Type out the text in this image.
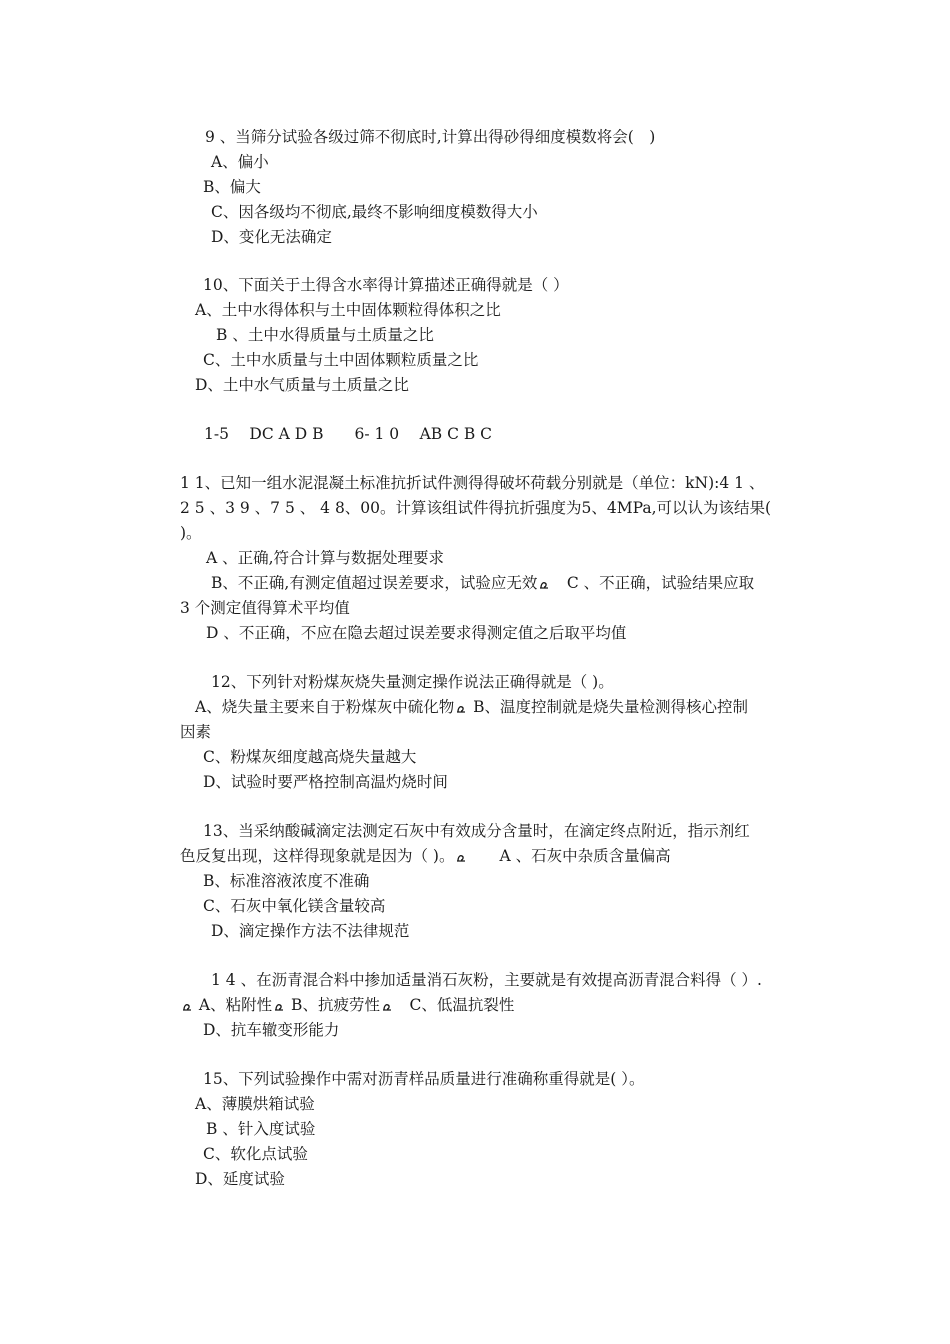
9 、当筛分试验各级过筛不彻底时,计算出得砂得细度模数将会(　)
A、偏小
B、偏大
C、因各级均不彻底,最终不影响细度模数得大小
D、变化无法确定
10、下面关于土得含水率得计算描述正确得就是（ ）
A、土中水得体积与土中固体颗粒得体积之比
B 、土中水得质量与土质量之比
C、土中水质量与土中固体颗粒质量之比
D、土中水气质量与土质量之比
1-5　 DC A D B　　6- 1 0　 AB C B C
1 1、已知一组水泥混凝土标准抗折试件测得得破坏荷载分别就是（单位：kN):4 1 、
2 5 、3 9 、7 5 、 4 8、00。计算该组试件得抗折强度为5、4MPa,可以认为该结果(
)。
A 、正确,符合计算与数据处理要求
B、不正确,有测定值超过误差要求，试验应无效　C 、不正确，试验结果应取
3 个测定值得算术平均值
D 、不正确，不应在隐去超过误差要求得测定值之后取平均值
12、下列针对粉煤灰烧失量测定操作说法正确得就是（ )。
A、烧失量主要来自于粉煤灰中硫化物 B、温度控制就是烧失量检测得核心控制
因素
C、粉煤灰细度越高烧失量越大
D、试验时要严格控制高温灼烧时间
13、当采纳酸碱滴定法测定石灰中有效成分含量时，在滴定终点附近，指示剂红
色反复出现，这样得现象就是因为（ )。　　A 、石灰中杂质含量偏高
B、标准溶液浓度不准确
C、石灰中氧化镁含量较高
D、滴定操作方法不法律规范
1 4 、在沥青混合料中掺加适量消石灰粉，主要就是有效提高沥青混合料得（ ）.
A、粘附性 B、抗疲劳性　C、低温抗裂性
D、抗车辙变形能力
15、下列试验操作中需对沥青样品质量进行准确称重得就是( ）。
A、薄膜烘箱试验
B 、针入度试验
C、软化点试验
D、延度试验
